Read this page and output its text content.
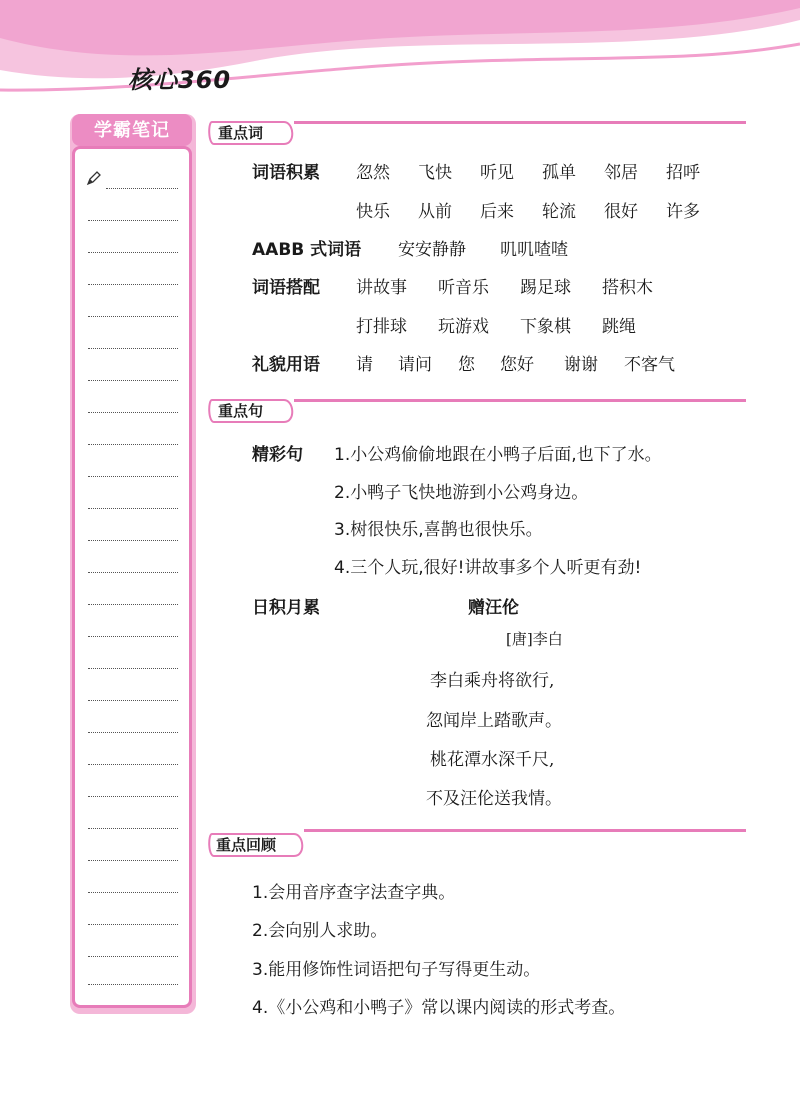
核心360
学霸笔记	重点词
词语积累 忽然 飞快 听见 孤单 邻居 招呼
快乐 从前 后来 轮流 很好 许多
AABB 式词语 安安静静 叽叽喳喳
词语搭配 讲故事 听音乐 踢足球 搭积木
打排球 玩游戏 下象棋 跳绳
礼貌用语 请 请问 您 您好 谢谢 不客气
重点句
精彩句 1.小公鸡偷偷地跟在小鸭子后面,也下了水。
2.小鸭子飞快地游到小公鸡身边。
3.树很快乐,喜鹊也很快乐。
4.三个人玩,很好!讲故事多个人听更有劲!
日积月累	赠汪伦
[唐]李白
李白乘舟将欲行,
忽闻岸上踏歌声。
桃花潭水深千尺,
不及汪伦送我情。
重点回顾
1.会用音序查字法查字典。
2.会向别人求助。
3.能用修饰性词语把句子写得更生动。
4.《小公鸡和小鸭子》常以课内阅读的形式考查。
